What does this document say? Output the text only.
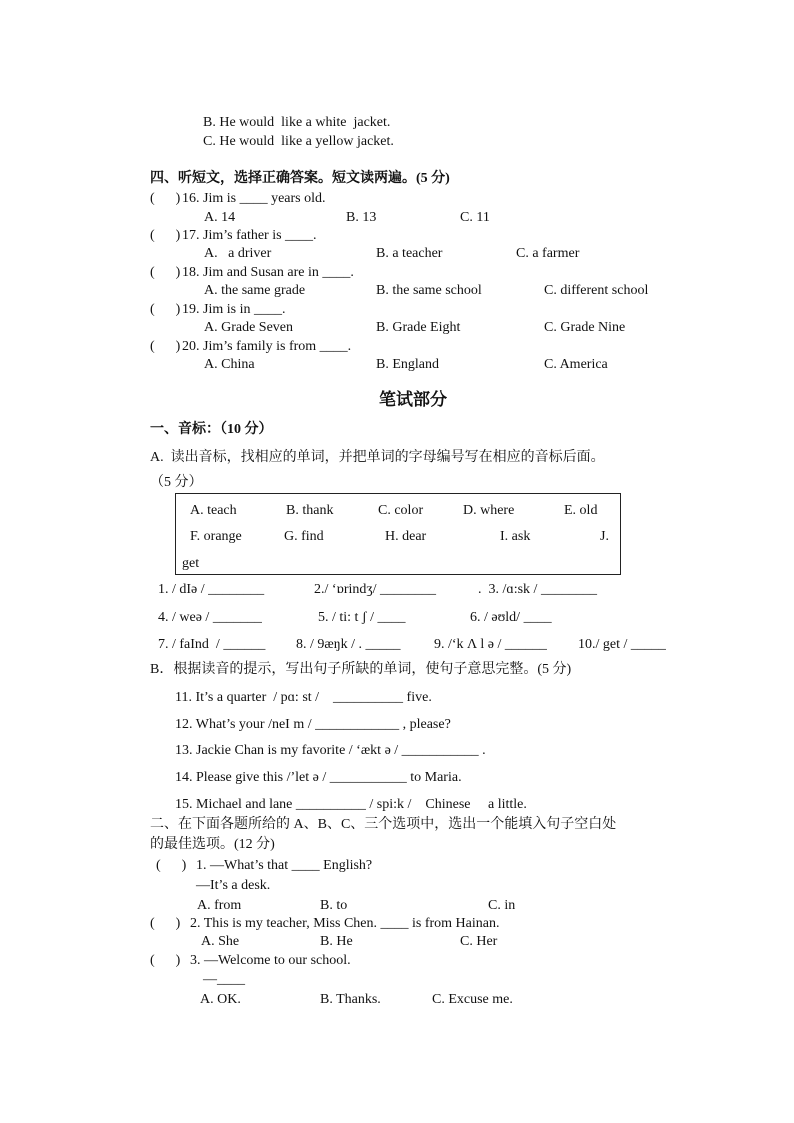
B. He would  like a white  jacket.
C. He would  like a yellow jacket.
四、听短文，选择正确答案。短文读两遍。(5 分)
(      ) 16. Jim is ____ years old.
A. 14	B. 13	C. 11
(      ) 17. Jim’s father is ____.
A.   a driver	B. a teacher	C. a farmer
(      ) 18. Jim and Susan are in ____.
A. the same grade	B. the same school	C. different school
(      ) 19. Jim is in ____.
A. Grade Seven	B. Grade Eight	C. Grade Nine
(      ) 20. Jim’s family is from ____.
A. China	B. England	C. America
笔试部分
一、音标：（10 分）
A.  读出音标，找相应的单词，并把单词的字母编号写在相应的音标后面。
（5 分）
A. teach	B. thank	C. color	D. where	E. old
F. orange	G. find	H. dear	I. ask	J.
get
1. / dIə / ________	2./ ‘ɒrindʒ/ ________	.  3. /ɑ:sk / ________
4. / weə / _______	5. / ti: t ʃ / ____	6. / əʊld/ ____
7. / faInd  / ______ 8. / 9æŋk / . _____ 9. /‘k Λ l ə / ______ 10./ get / _____
B．根据读音的提示，写出句子所缺的单词，使句子意思完整。(5 分)
11. It’s a quarter  / pɑ: st /    __________ five.
12. What’s your /neI m / ____________ , please?
13. Jackie Chan is my favorite / ‘ækt ə / ___________ .
14. Please give this /’let ə / ___________ to Maria.
15. Michael and lane __________ / spi:k /    Chinese     a little.
二、在下面各题所给的 A、B、C、三个选项中，选出一个能填入句子空白处
的最佳选项。(12 分)
(      ) 1. —What’s that ____ English?
—It’s a desk.
A. from	B. to	C. in
(      ) 2. This is my teacher, Miss Chen. ____ is from Hainan.
A. She	B. He	C. Her
(      ) 3. —Welcome to our school.
—____
A. OK.	B. Thanks.	C. Excuse me.
